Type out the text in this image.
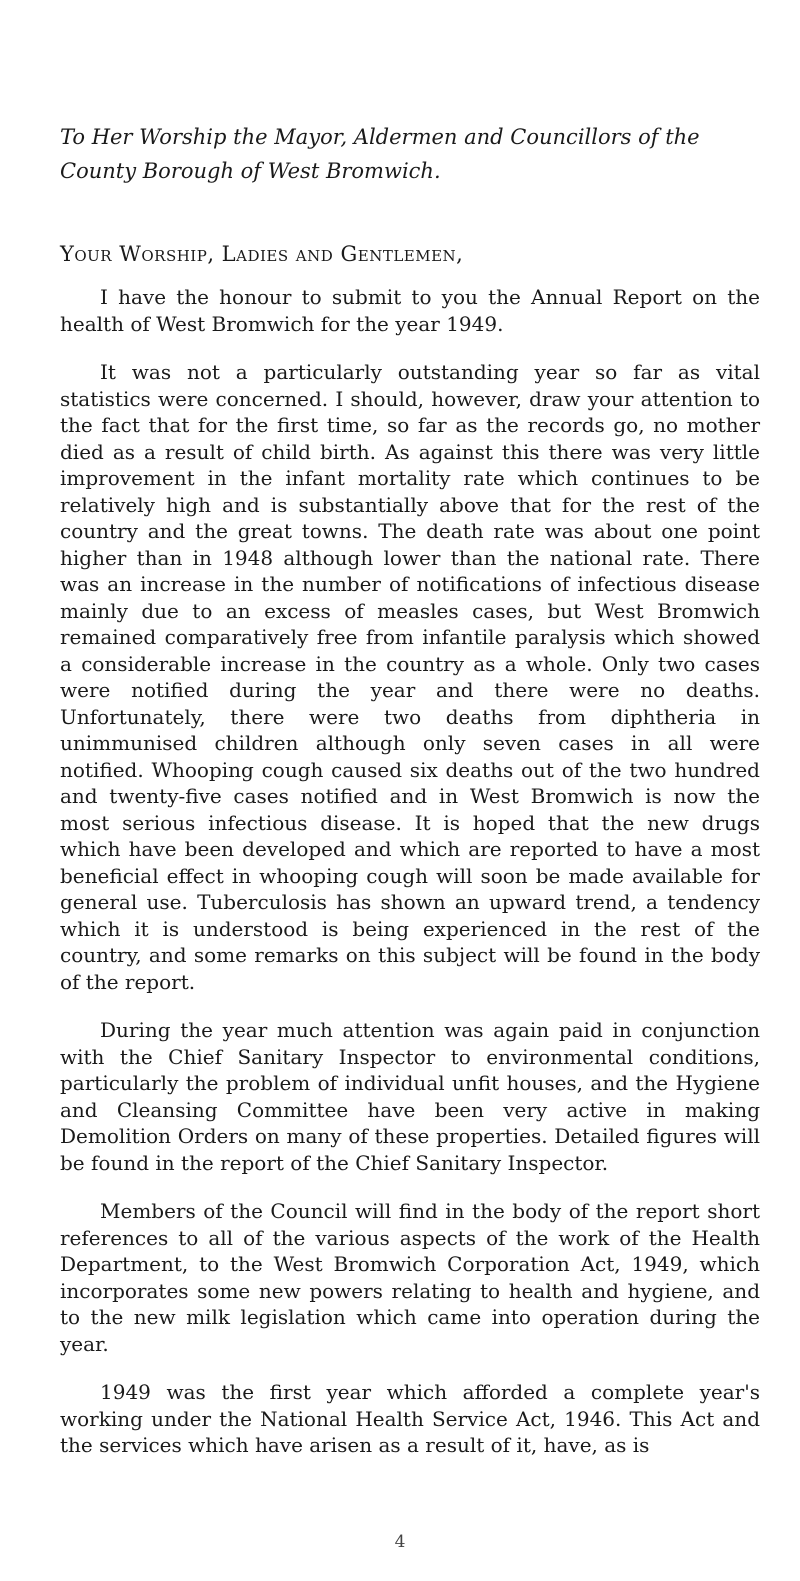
To Her Worship the Mayor, Aldermen and Councillors of the
County Borough of West Bromwich.

Your Worship, Ladies and Gentlemen,

I have the honour to submit to you the Annual Report on the health of West Bromwich for the year 1949.

It was not a particularly outstanding year so far as vital statistics were concerned. I should, however, draw your attention to the fact that for the first time, so far as the records go, no mother died as a result of child birth. As against this there was very little improvement in the infant mortality rate which continues to be relatively high and is substantially above that for the rest of the country and the great towns. The death rate was about one point higher than in 1948 although lower than the national rate. There was an increase in the number of notifications of infectious disease mainly due to an excess of measles cases, but West Bromwich remained comparatively free from infantile paralysis which showed a considerable increase in the country as a whole. Only two cases were notified during the year and there were no deaths. Unfortunately, there were two deaths from diphtheria in unimmunised children although only seven cases in all were notified. Whooping cough caused six deaths out of the two hundred and twenty-five cases notified and in West Bromwich is now the most serious infectious disease. It is hoped that the new drugs which have been developed and which are reported to have a most beneficial effect in whooping cough will soon be made available for general use. Tuberculosis has shown an upward trend, a tendency which it is understood is being experienced in the rest of the country, and some remarks on this subject will be found in the body of the report.

During the year much attention was again paid in conjunction with the Chief Sanitary Inspector to environmental conditions, particularly the problem of individual unfit houses, and the Hygiene and Cleansing Committee have been very active in making Demolition Orders on many of these properties. Detailed figures will be found in the report of the Chief Sanitary Inspector.

Members of the Council will find in the body of the report short references to all of the various aspects of the work of the Health Department, to the West Bromwich Corporation Act, 1949, which incorporates some new powers relating to health and hygiene, and to the new milk legislation which came into operation during the year.

1949 was the first year which afforded a complete year's working under the National Health Service Act, 1946. This Act and the services which have arisen as a result of it, have, as is

4
